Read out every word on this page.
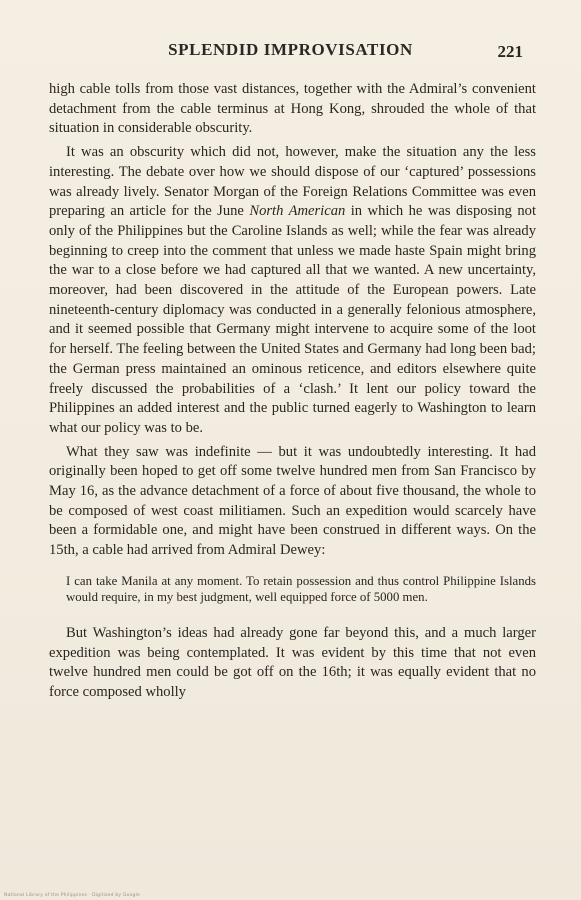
SPLENDID IMPROVISATION	221

high cable tolls from those vast distances, together with the Admiral’s convenient detachment from the cable terminus at Hong Kong, shrouded the whole of that situation in considerable obscurity.

It was an obscurity which did not, however, make the situation any the less interesting. The debate over how we should dispose of our ‘captured’ possessions was already lively. Senator Morgan of the Foreign Relations Committee was even preparing an article for the June North American in which he was disposing not only of the Philippines but the Caroline Islands as well; while the fear was already beginning to creep into the comment that unless we made haste Spain might bring the war to a close before we had captured all that we wanted. A new uncertainty, moreover, had been discovered in the attitude of the European powers. Late nineteenth-century diplomacy was conducted in a generally felonious atmosphere, and it seemed possible that Germany might intervene to acquire some of the loot for herself. The feeling between the United States and Germany had long been bad; the German press maintained an ominous reticence, and editors elsewhere quite freely discussed the probabilities of a ‘clash.’ It lent our policy toward the Philippines an added interest and the public turned eagerly to Washington to learn what our policy was to be.

What they saw was indefinite — but it was undoubtedly interesting. It had originally been hoped to get off some twelve hundred men from San Francisco by May 16, as the advance detachment of a force of about five thousand, the whole to be composed of west coast militiamen. Such an expedition would scarcely have been a formidable one, and might have been construed in different ways. On the 15th, a cable had arrived from Admiral Dewey:

I can take Manila at any moment. To retain possession and thus control Philippine Islands would require, in my best judgment, well equipped force of 5000 men.

But Washington’s ideas had already gone far beyond this, and a much larger expedition was being contemplated. It was evident by this time that not even twelve hundred men could be got off on the 16th; it was equally evident that no force composed wholly

National Library of the Philippines · Digitized by Google
